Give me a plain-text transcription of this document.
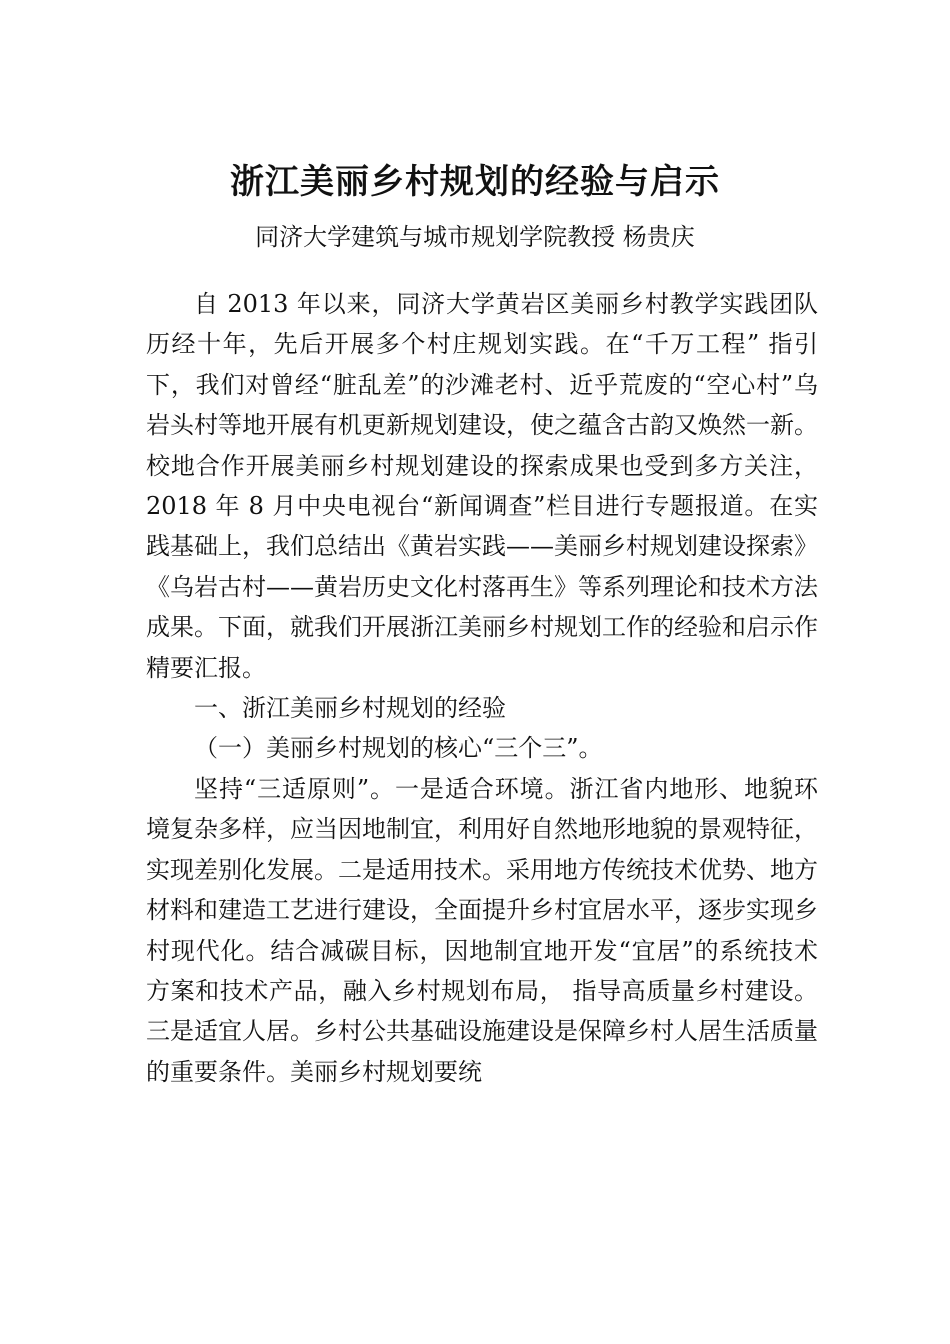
浙江美丽乡村规划的经验与启示
同济大学建筑与城市规划学院教授 杨贵庆

自 2013 年以来，同济大学黄岩区美丽乡村教学实践团队历经十年，先后开展多个村庄规划实践。在“千万工程” 指引下，我们对曾经“脏乱差”的沙滩老村、近乎荒废的“空心村”乌岩头村等地开展有机更新规划建设，使之蕴含古韵又焕然一新。校地合作开展美丽乡村规划建设的探索成果也受到多方关注，2018 年 8 月中央电视台“新闻调查”栏目进行专题报道。在实践基础上，我们总结出《黄岩实践——美丽乡村规划建设探索》《乌岩古村——黄岩历史文化村落再生》等系列理论和技术方法成果。下面，就我们开展浙江美丽乡村规划工作的经验和启示作精要汇报。

一、浙江美丽乡村规划的经验

（一）美丽乡村规划的核心“三个三”。

坚持“三适原则”。一是适合环境。浙江省内地形、地貌环境复杂多样，应当因地制宜，利用好自然地形地貌的景观特征，实现差别化发展。二是适用技术。采用地方传统技术优势、地方材料和建造工艺进行建设，全面提升乡村宜居水平，逐步实现乡村现代化。结合减碳目标，因地制宜地开发“宜居”的系统技术方案和技术产品，融入乡村规划布局， 指导高质量乡村建设。三是适宜人居。乡村公共基础设施建设是保障乡村人居生活质量的重要条件。美丽乡村规划要统
